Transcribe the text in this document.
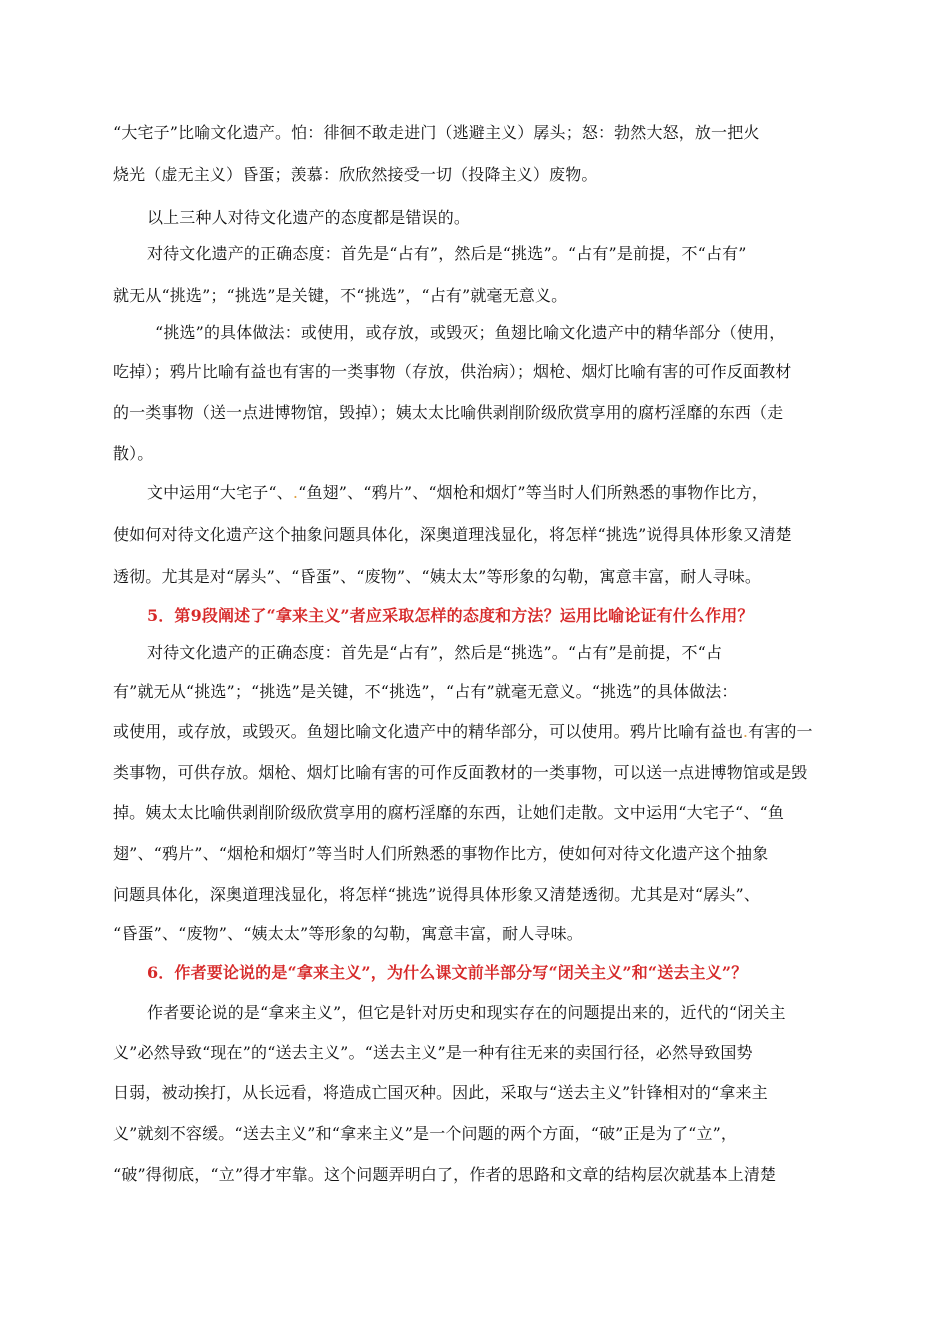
“大宅子”比喻文化遗产。怕：徘徊不敢走进门（逃避主义）孱头；怒：勃然大怒，放一把火
烧光（虚无主义）昏蛋；羡慕：欣欣然接受一切（投降主义）废物。
以上三种人对待文化遗产的态度都是错误的。
对待文化遗产的正确态度：首先是“占有”，然后是“挑选”。“占有”是前提，不“占有”
就无从“挑选”；“挑选”是关键，不“挑选”，“占有”就毫无意义。
“挑选”的具体做法：或使用，或存放，或毁灭；鱼翅比喻文化遗产中的精华部分（使用，
吃掉）；鸦片比喻有益也有害的一类事物（存放，供治病）；烟枪、烟灯比喻有害的可作反面教材
的一类事物（送一点进博物馆，毁掉）；姨太太比喻供剥削阶级欣赏享用的腐朽淫靡的东西（走
散）。
文中运用“大宅子“、.“鱼翅”、“鸦片”、“烟枪和烟灯”等当时人们所熟悉的事物作比方，
使如何对待文化遗产这个抽象问题具体化，深奥道理浅显化，将怎样“挑选”说得具体形象又清楚
透彻。尤其是对“孱头”、“昏蛋”、“废物”、“姨太太”等形象的勾勒，寓意丰富，耐人寻味。
5．第9段阐述了“拿来主义”者应采取怎样的态度和方法？运用比喻论证有什么作用？
对待文化遗产的正确态度：首先是“占有”，然后是“挑选”。“占有”是前提，不“占
有”就无从“挑选”；“挑选”是关键，不“挑选”，“占有”就毫无意义。“挑选”的具体做法：
或使用，或存放，或毁灭。鱼翅比喻文化遗产中的精华部分，可以使用。鸦片比喻有益也.有害的一
类事物，可供存放。烟枪、烟灯比喻有害的可作反面教材的一类事物，可以送一点进博物馆或是毁
掉。姨太太比喻供剥削阶级欣赏享用的腐朽淫靡的东西，让她们走散。文中运用“大宅子“、“鱼
翅”、“鸦片”、“烟枪和烟灯”等当时人们所熟悉的事物作比方，使如何对待文化遗产这个抽象
问题具体化，深奥道理浅显化，将怎样“挑选”说得具体形象又清楚透彻。尤其是对“孱头”、
“昏蛋”、“废物”、“姨太太”等形象的勾勒，寓意丰富，耐人寻味。
6．作者要论说的是“拿来主义”，为什么课文前半部分写“闭关主义”和“送去主义”？
作者要论说的是“拿来主义”，但它是针对历史和现实存在的问题提出来的，近代的“闭关主
义”必然导致“现在”的“送去主义”。“送去主义”是一种有往无来的卖国行径，必然导致国势
日弱，被动挨打，从长远看，将造成亡国灭种。因此，采取与“送去主义”针锋相对的“拿来主
义”就刻不容缓。“送去主义”和“拿来主义”是一个问题的两个方面，“破”正是为了“立”，
“破”得彻底，“立”得才牢靠。这个问题弄明白了，作者的思路和文章的结构层次就基本上清楚
